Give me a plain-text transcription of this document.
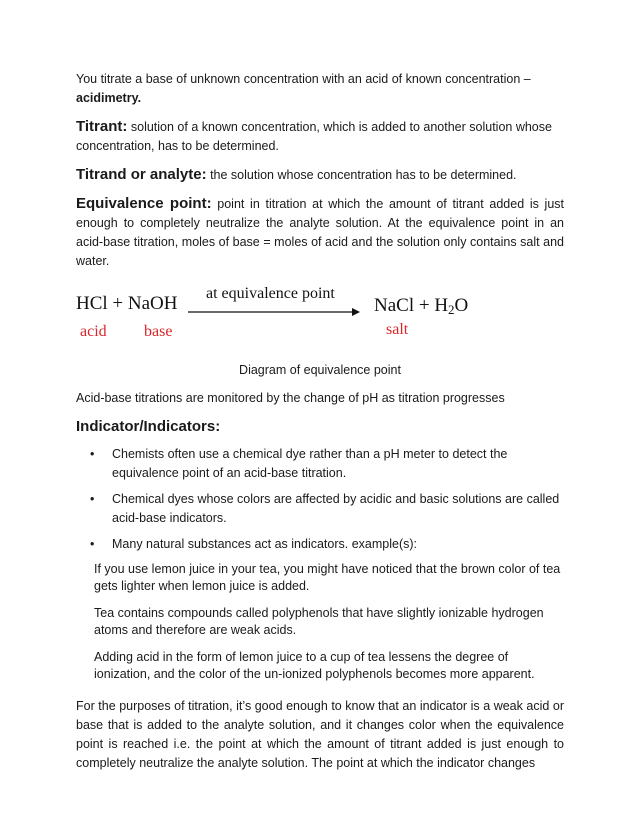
You titrate a base of unknown concentration with an acid of known concentration –
acidimetry.

Titrant: solution of a known concentration, which is added to another solution whose concentration, has to be determined.

Titrand or analyte: the solution whose concentration has to be determined.

Equivalence point: point in titration at which the amount of titrant added is just enough to completely neutralize the analyte solution. At the equivalence point in an acid-base titration, moles of base = moles of acid and the solution only contains salt and water.

HCl + NaOH at equivalence point
NaCl + $H_2O$
acid base	salt

Diagram of equivalence point

Acid-base titrations are monitored by the change of pH as titration progresses

Indicator/Indicators:

• Chemists often use a chemical dye rather than a pH meter to detect the equivalence point of an acid-base titration.
• Chemical dyes whose colors are affected by acidic and basic solutions are called acid-base indicators.
• Many natural substances act as indicators. example(s):

If you use lemon juice in your tea, you might have noticed that the brown color of tea gets lighter when lemon juice is added.

Tea contains compounds called polyphenols that have slightly ionizable hydrogen atoms and therefore are weak acids.

Adding acid in the form of lemon juice to a cup of tea lessens the degree of ionization, and the color of the un-ionized polyphenols becomes more apparent.

For the purposes of titration, it’s good enough to know that an indicator is a weak acid or base that is added to the analyte solution, and it changes color when the equivalence point is reached i.e. the point at which the amount of titrant added is just enough to completely neutralize the analyte solution. The point at which the indicator changes
